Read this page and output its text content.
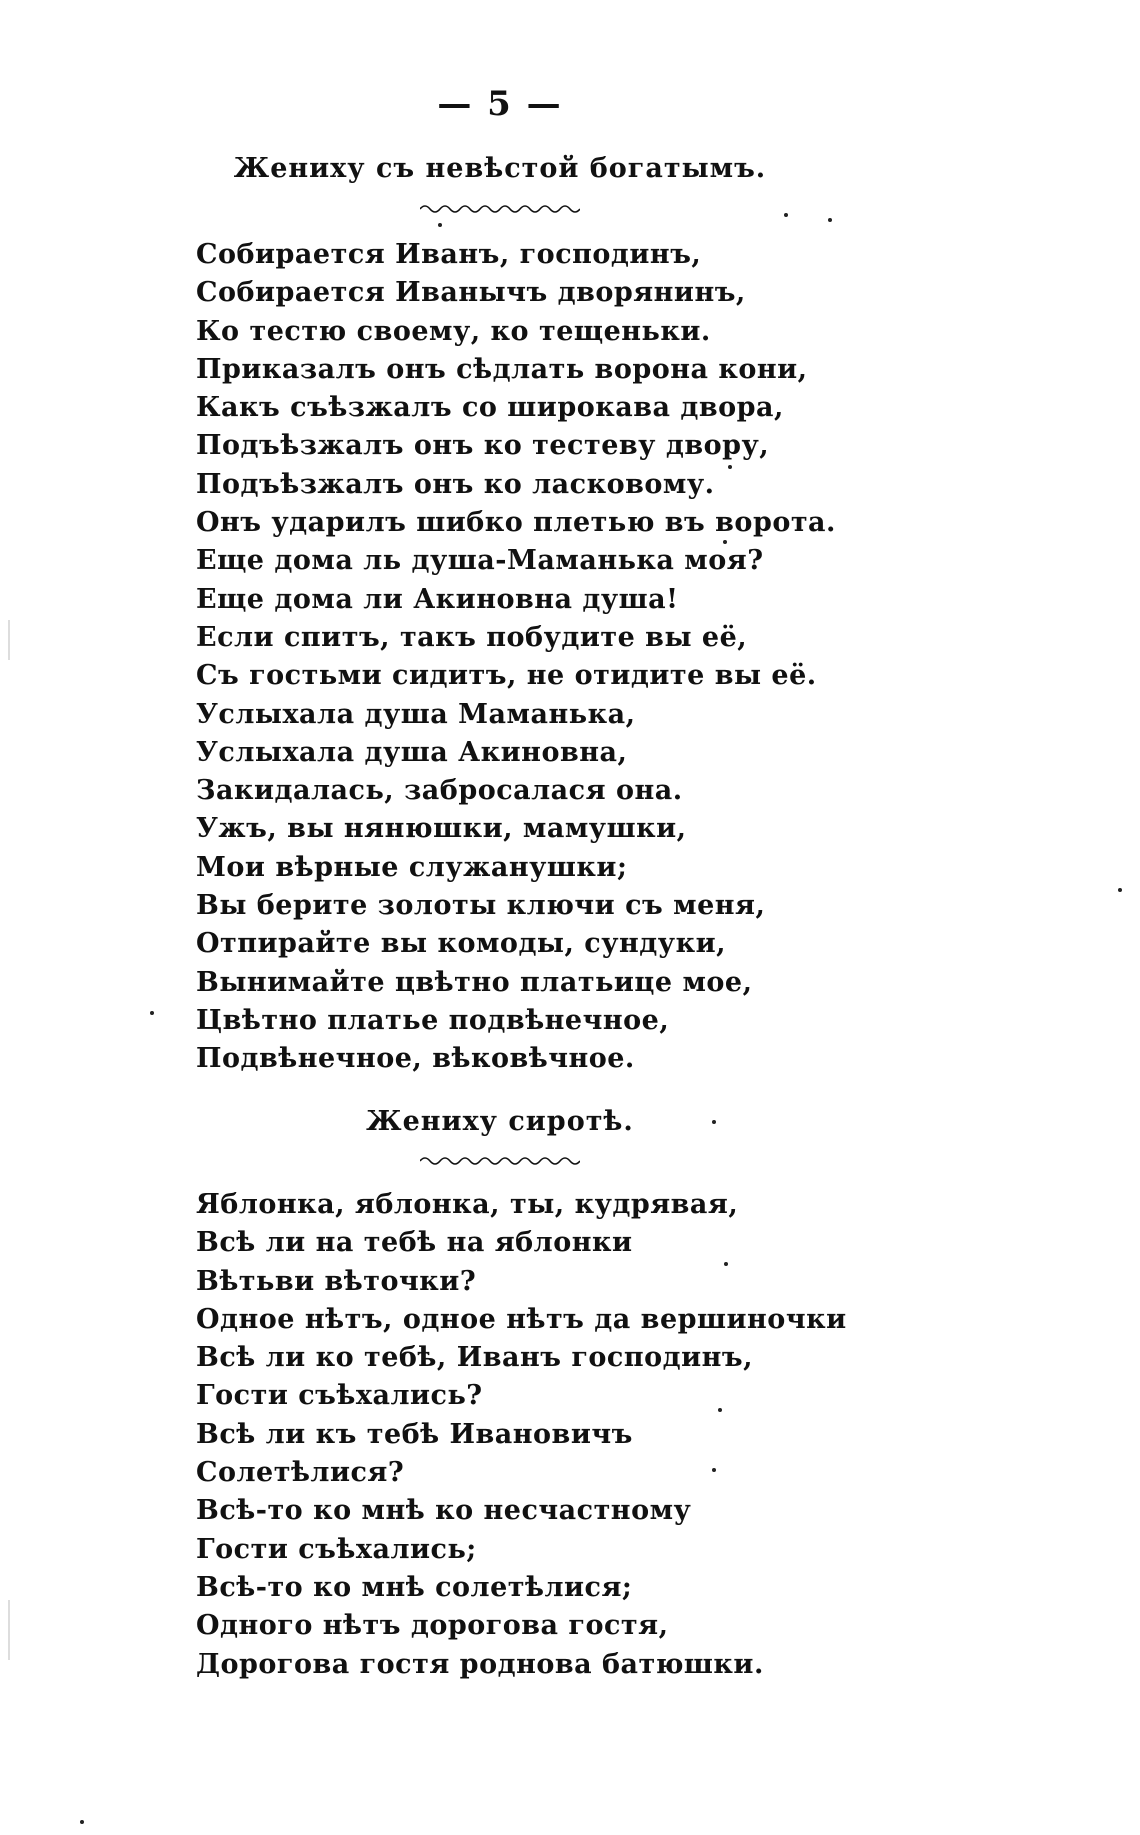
— 5 —
Жениху съ невѣстой богатымъ.
Собирается Иванъ, господинъ,
Собирается Иванычъ дворянинъ,
Ко тестю своему, ко тещеньки.
Приказалъ онъ сѣдлать ворона кони,
Какъ съѣзжалъ со широкава двора,
Подъѣзжалъ онъ ко тестеву двору,
Подъѣзжалъ онъ ко ласковому.
Онъ ударилъ шибко плетью въ ворота.
Еще дома ль душа-Маманька моя?
Еще дома ли Акиновна душа!
Если спитъ, такъ побудите вы её,
Съ гостьми сидитъ, не отидите вы её.
Услыхала душа Маманька,
Услыхала душа Акиновна,
Закидалась, забросалася она.
Ужъ, вы нянюшки, мамушки,
Мои вѣрные служанушки;
Вы берите золоты ключи съ меня,
Отпирайте вы комоды, сундуки,
Вынимайте цвѣтно платьице мое,
Цвѣтно платье подвѣнечное,
Подвѣнечное, вѣковѣчное.
Жениху сиротѣ.
Яблонка, яблонка, ты, кудрявая,
Всѣ ли на тебѣ на яблонки
Вѣтьви вѣточки?
Одное нѣтъ, одное нѣтъ да вершиночки
Всѣ ли ко тебѣ, Иванъ господинъ,
Гости съѣхались?
Всѣ ли къ тебѣ Ивановичъ
Солетѣлися?
Всѣ-то ко мнѣ ко несчастному
Гости съѣхались;
Всѣ-то ко мнѣ солетѣлися;
Одного нѣтъ дорогова гостя,
Дорогова гостя роднова батюшки.
